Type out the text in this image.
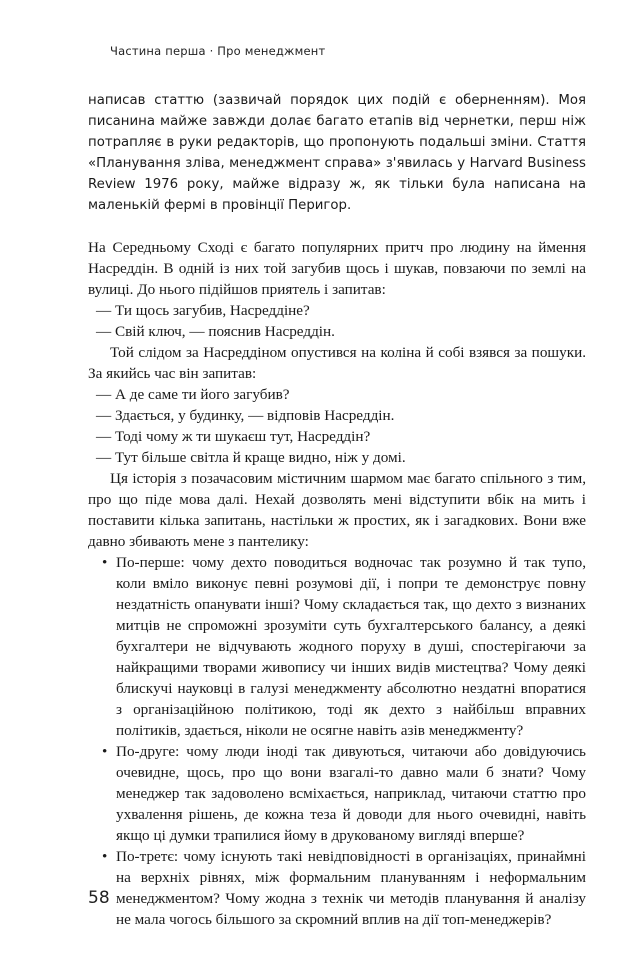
Частина перша · Про менеджмент

написав статтю (зазвичай порядок цих подій є оберненням). Моя писанина майже завжди долає багато етапів від чернетки, перш ніж потрапляє в руки редакторів, що пропонують подальші зміни. Стаття «Планування зліва, менеджмент справа» з'явилась у Harvard Business Review 1976 року, майже відразу ж, як тільки була написана на маленькій фермі в провінції Перигор.

На Середньому Сході є багато популярних притч про людину на ймення Насреддін. В одній із них той загубив щось і шукав, повзаючи по землі на вулиці. До нього підійшов приятель і запитав:

— Ти щось загубив, Насреддіне?

— Свій ключ, — пояснив Насреддін.

Той слідом за Насреддіном опустився на коліна й собі взявся за пошуки. За якийсь час він запитав:

— А де саме ти його загубив?

— Здається, у будинку, — відповів Насреддін.

— Тоді чому ж ти шукаєш тут, Насреддін?

— Тут більше світла й краще видно, ніж у домі.

Ця історія з позачасовим містичним шармом має багато спільного з тим, про що піде мова далі. Нехай дозволять мені відступити вбік на мить і поставити кілька запитань, настільки ж простих, як і загадкових. Вони вже давно збивають мене з пантелику:

• По-перше: чому дехто поводиться водночас так розумно й так тупо, коли вміло виконує певні розумові дії, і попри те демонструє повну нездатність опанувати інші? Чому складається так, що дехто з визнаних митців не спроможні зрозуміти суть бухгалтерського балансу, а деякі бухгалтери не відчувають жодного поруху в душі, спостерігаючи за найкращими творами живопису чи інших видів мистецтва? Чому деякі блискучі науковці в галузі менеджменту абсолютно нездатні впоратися з організаційною політикою, тоді як дехто з найбільш вправних політиків, здається, ніколи не осягне навіть азів менеджменту?
• По-друге: чому люди іноді так дивуються, читаючи або довідуючись очевидне, щось, про що вони взагалі-то давно мали б знати? Чому менеджер так задоволено всміхається, наприклад, читаючи статтю про ухвалення рішень, де кожна теза й доводи для нього очевидні, навіть якщо ці думки трапилися йому в друкованому вигляді вперше?
• По-третє: чому існують такі невідповідності в організаціях, принаймні на верхніх рівнях, між формальним плануванням і неформальним менеджментом? Чому жодна з технік чи методів планування й аналізу не мала чогось більшого за скромний вплив на дії топ-менеджерів?
58
